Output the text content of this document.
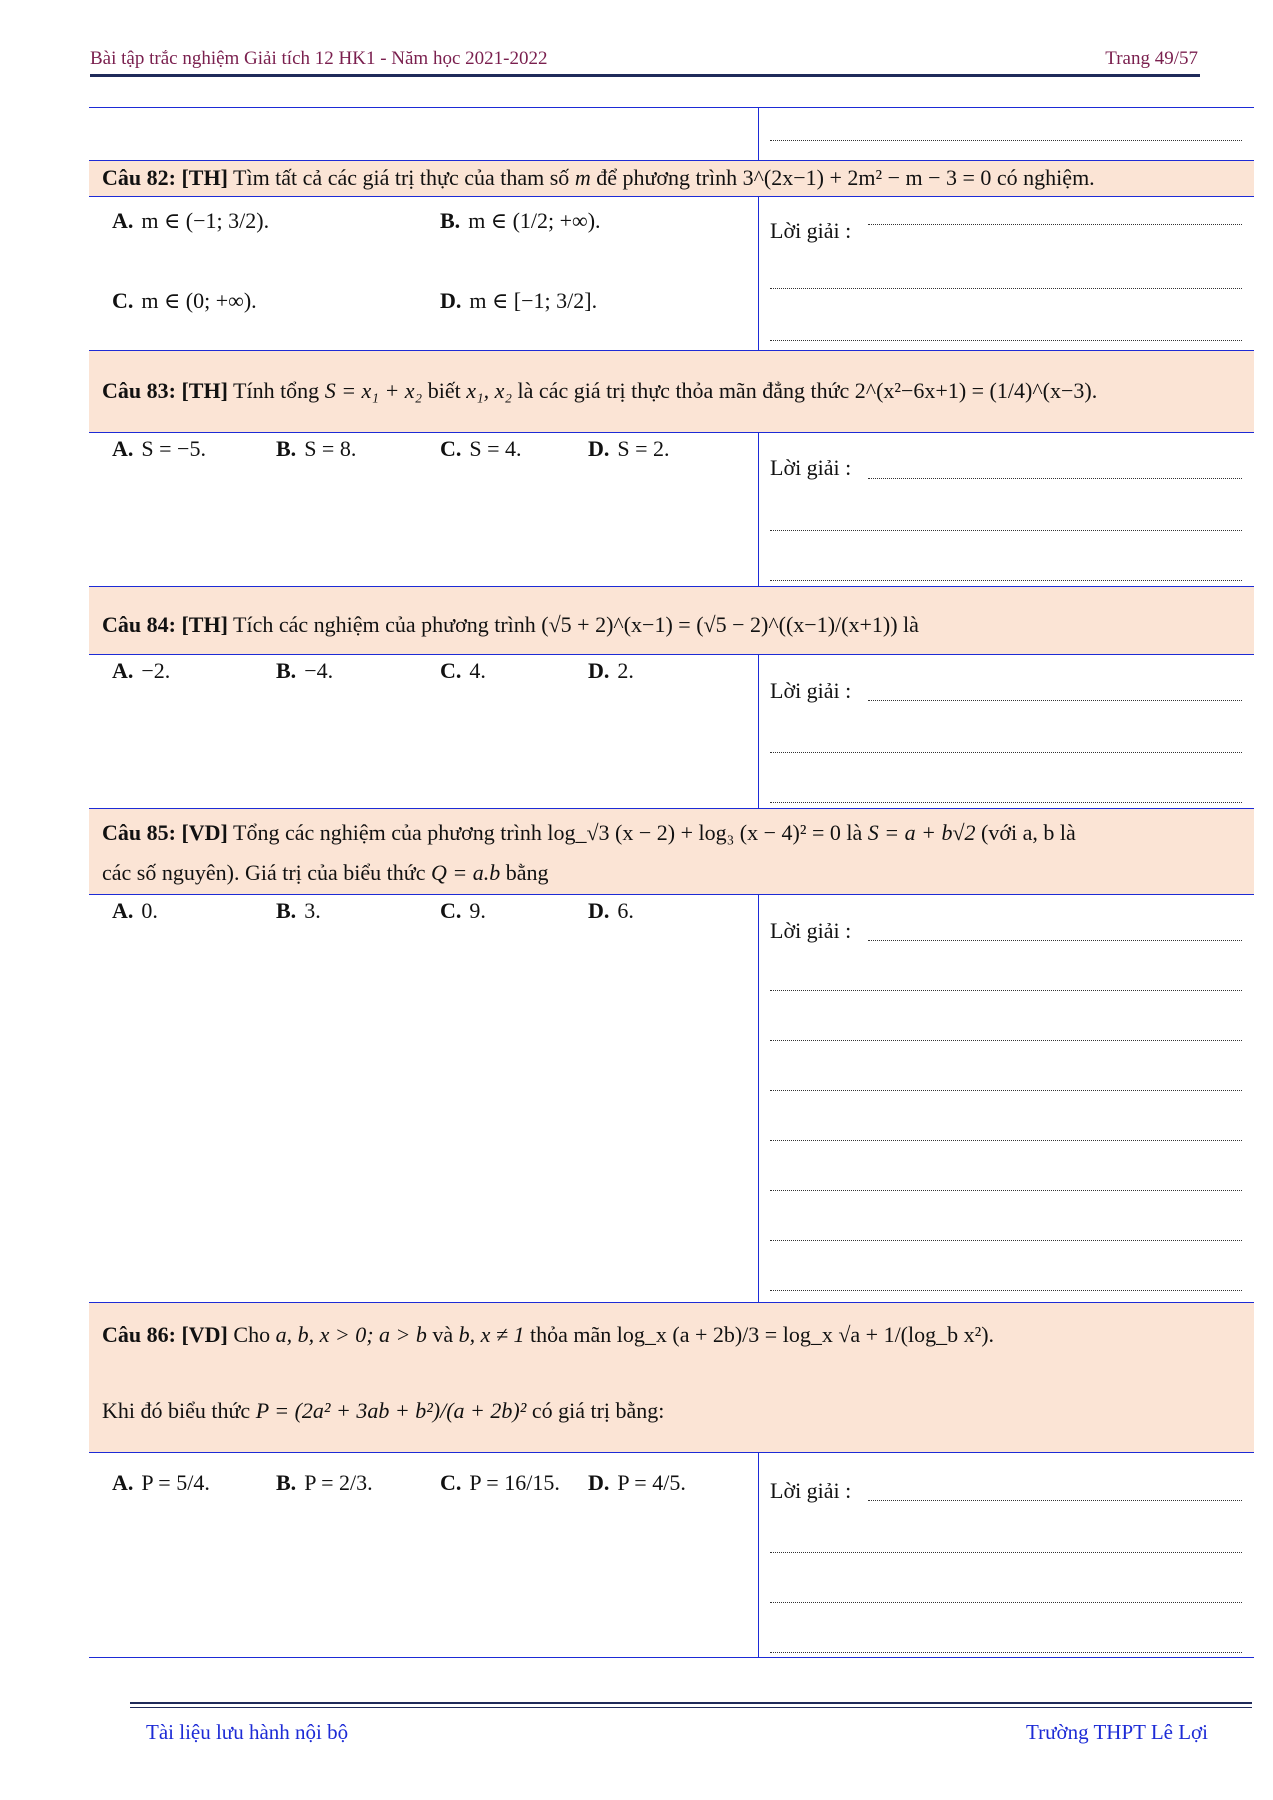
Bài tập trắc nghiệm Giải tích 12 HK1 - Năm học 2021-2022	Trang 49/57
Câu 82: [TH] Tìm tất cả các giá trị thực của tham số m để phương trình 3^(2x−1) + 2m² − m − 3 = 0 có nghiệm.
A. m ∈ (−1; 3/2).	B. m ∈ (1/2; +∞).
C. m ∈ (0; +∞).	D. m ∈ [−1; 3/2].
Lời giải :
Câu 83: [TH] Tính tổng S = x₁ + x₂ biết x₁, x₂ là các giá trị thực thỏa mãn đẳng thức 2^(x²−6x+1) = (1/4)^(x−3).
A. S = −5.	B. S = 8.	C. S = 4.	D. S = 2.
Lời giải :
Câu 84: [TH] Tích các nghiệm của phương trình (√5 + 2)^(x−1) = (√5 − 2)^((x−1)/(x+1)) là
A. −2.	B. −4.	C. 4.	D. 2.
Lời giải :
Câu 85: [VD] Tổng các nghiệm của phương trình log_√3 (x − 2) + log₃ (x − 4)² = 0 là S = a + b√2 (với a, b là
các số nguyên). Giá trị của biểu thức Q = a.b bằng
A. 0.	B. 3.	C. 9.	D. 6.
Lời giải :
Câu 86: [VD] Cho a, b, x > 0; a > b và b, x ≠ 1 thỏa mãn log_x (a + 2b)/3 = log_x √a + 1/(log_b x²).
Khi đó biểu thức P = (2a² + 3ab + b²)/(a + 2b)² có giá trị bằng:
A. P = 5/4.	B. P = 2/3.	C. P = 16/15. D. P = 4/5.	Lời giải :
Tài liệu lưu hành nội bộ	Trường THPT Lê Lợi
